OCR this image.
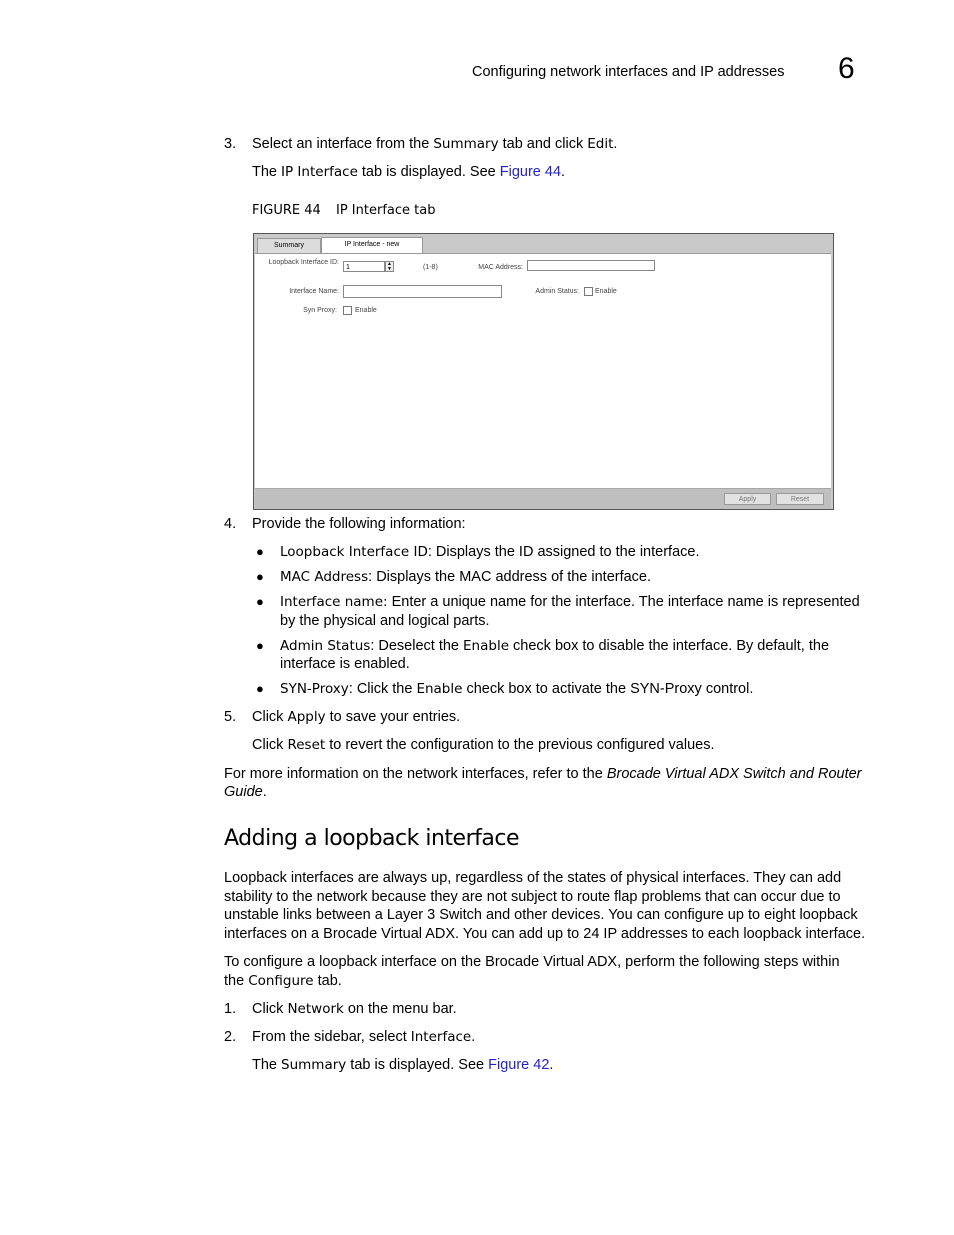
Configuring network interfaces and IP addresses 6
3. Select an interface from the Summary tab and click Edit.
The IP Interface tab is displayed. See Figure 44.
FIGURE 44 IP Interface tab
Summary	IP Interface - new
Loopback Interface ID:
1	▲
▼	(1-8)	MAC Address:
Interface Name:	Admin Status: Enable
Syn Proxy:	Enable
Apply	Reset
4. Provide the following information:
● Loopback Interface ID: Displays the ID assigned to the interface.
● MAC Address: Displays the MAC address of the interface.
● Interface name: Enter a unique name for the interface. The interface name is represented
by the physical and logical parts.
● Admin Status: Deselect the Enable check box to disable the interface. By default, the
interface is enabled.
● SYN-Proxy: Click the Enable check box to activate the SYN-Proxy control.
5. Click Apply to save your entries.
Click Reset to revert the configuration to the previous configured values.
For more information on the network interfaces, refer to the Brocade Virtual ADX Switch and Router
Guide.
Adding a loopback interface
Loopback interfaces are always up, regardless of the states of physical interfaces. They can add
stability to the network because they are not subject to route flap problems that can occur due to
unstable links between a Layer 3 Switch and other devices. You can configure up to eight loopback
interfaces on a Brocade Virtual ADX. You can add up to 24 IP addresses to each loopback interface.
To configure a loopback interface on the Brocade Virtual ADX, perform the following steps within
the Configure tab.
1. Click Network on the menu bar.
2. From the sidebar, select Interface.
The Summary tab is displayed. See Figure 42.
